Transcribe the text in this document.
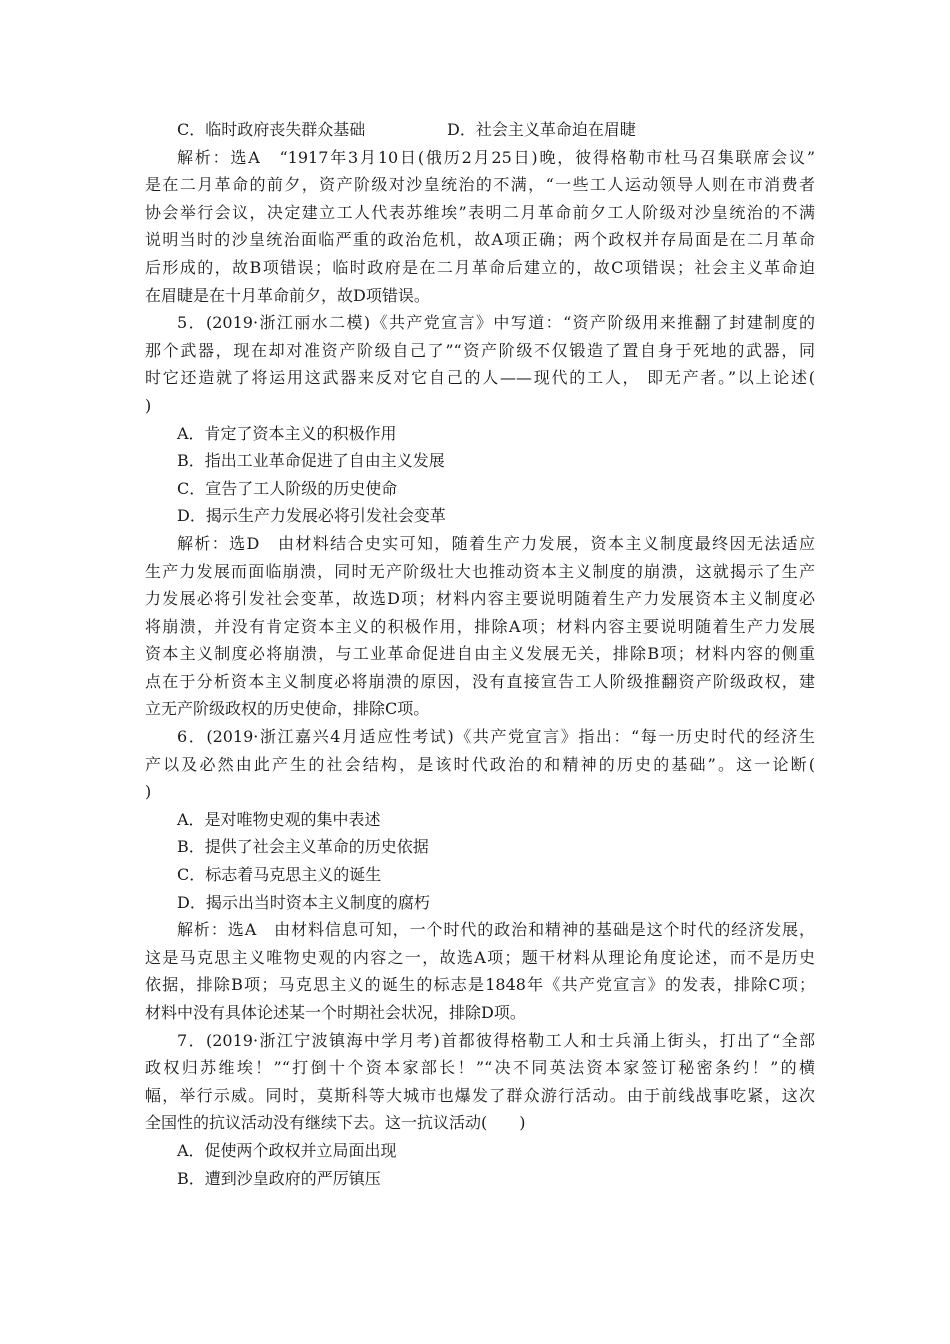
C．临时政府丧失群众基础	D．社会主义革命迫在眉睫
解析：选A　“1917年3月10日(俄历2月25日)晚，彼得格勒市杜马召集联席会议”
是在二月革命的前夕，资产阶级对沙皇统治的不满，“一些工人运动领导人则在市消费者
协会举行会议，决定建立工人代表苏维埃”表明二月革命前夕工人阶级对沙皇统治的不满
说明当时的沙皇统治面临严重的政治危机，故A项正确；两个政权并存局面是在二月革命
后形成的，故B项错误；临时政府是在二月革命后建立的，故C项错误；社会主义革命迫
在眉睫是在十月革命前夕，故D项错误。
5．(2019·浙江丽水二模)《共产党宣言》中写道：“资产阶级用来推翻了封建制度的
那个武器，现在却对准资产阶级自己了”“资产阶级不仅锻造了置自身于死地的武器，同
时它还造就了将运用这武器来反对它自己的人——现代的工人， 即无产者。”以上论述(
)
A．肯定了资本主义的积极作用
B．指出工业革命促进了自由主义发展
C．宣告了工人阶级的历史使命
D．揭示生产力发展必将引发社会变革
解析：选D　由材料结合史实可知，随着生产力发展，资本主义制度最终因无法适应
生产力发展而面临崩溃，同时无产阶级壮大也推动资本主义制度的崩溃，这就揭示了生产
力发展必将引发社会变革，故选D项；材料内容主要说明随着生产力发展资本主义制度必
将崩溃，并没有肯定资本主义的积极作用，排除A项；材料内容主要说明随着生产力发展
资本主义制度必将崩溃，与工业革命促进自由主义发展无关，排除B项；材料内容的侧重
点在于分析资本主义制度必将崩溃的原因，没有直接宣告工人阶级推翻资产阶级政权，建
立无产阶级政权的历史使命，排除C项。
6．(2019·浙江嘉兴4月适应性考试)《共产党宣言》指出：“每一历史时代的经济生
产以及必然由此产生的社会结构，是该时代政治的和精神的历史的基础”。这一论断(
)
A．是对唯物史观的集中表述
B．提供了社会主义革命的历史依据
C．标志着马克思主义的诞生
D．揭示出当时资本主义制度的腐朽
解析：选A　由材料信息可知，一个时代的政治和精神的基础是这个时代的经济发展，
这是马克思主义唯物史观的内容之一，故选A项；题干材料从理论角度论述，而不是历史
依据，排除B项；马克思主义的诞生的标志是1848年《共产党宣言》的发表，排除C项；
材料中没有具体论述某一个时期社会状况，排除D项。
7．(2019·浙江宁波镇海中学月考)首都彼得格勒工人和士兵涌上街头，打出了“全部
政权归苏维埃！”“打倒十个资本家部长！”“决不同英法资本家签订秘密条约！”的横
幅，举行示威。同时，莫斯科等大城市也爆发了群众游行活动。由于前线战事吃紧，这次
全国性的抗议活动没有继续下去。这一抗议活动(　　)
A．促使两个政权并立局面出现
B．遭到沙皇政府的严厉镇压
